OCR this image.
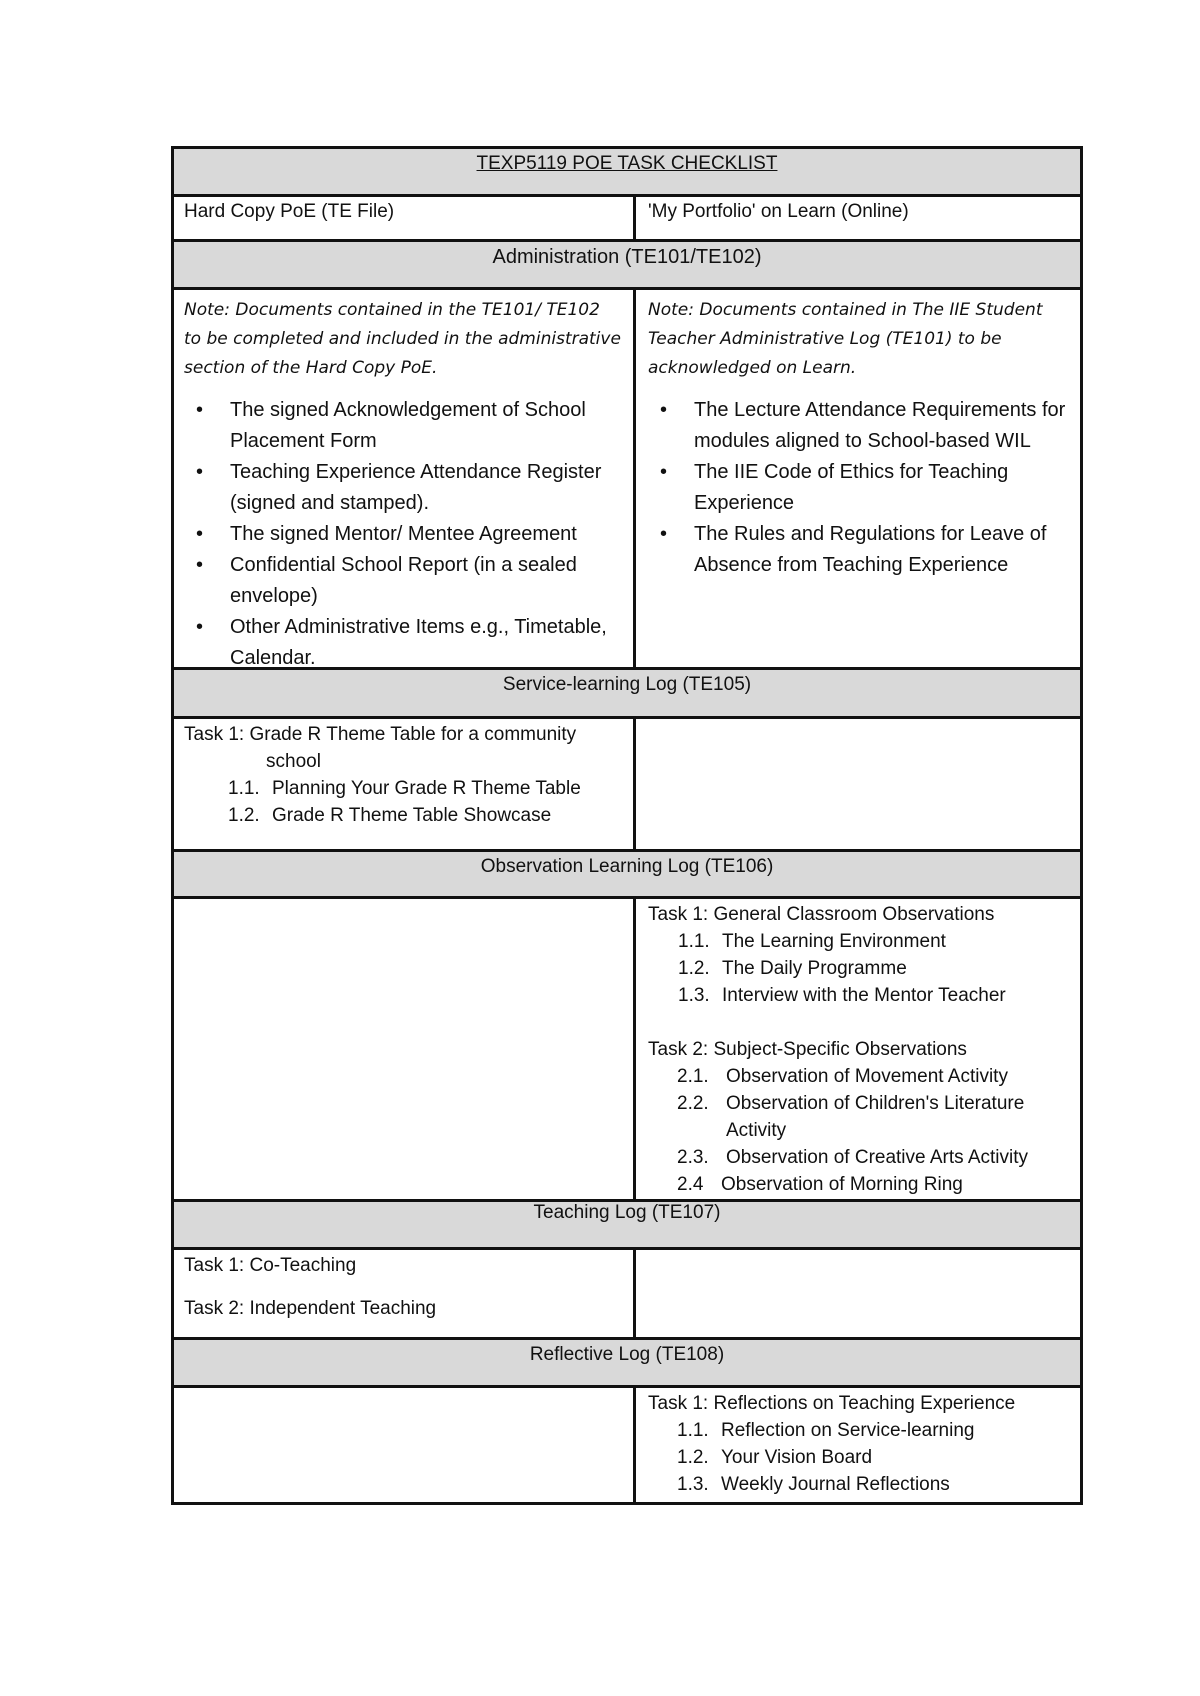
TEXP5119 POE TASK CHECKLIST
Hard Copy PoE (TE File)	'My Portfolio' on Learn (Online)
Administration (TE101/TE102)

Note: Documents contained in the TE101/ TE102 to be completed and included in the administrative section of the Hard Copy PoE.

• The signed Acknowledgement of School Placement Form
• Teaching Experience Attendance Register (signed and stamped).
• The signed Mentor/ Mentee Agreement
• Confidential School Report (in a sealed envelope)
• Other Administrative Items e.g., Timetable, Calendar.

Note: Documents contained in The IIE Student Teacher Administrative Log (TE101) to be acknowledged on Learn.

• The Lecture Attendance Requirements for modules aligned to School-based WIL
• The IIE Code of Ethics for Teaching Experience
• The Rules and Regulations for Leave of Absence from Teaching Experience
Service-learning Log (TE105)
Task 1: Grade R Theme Table for a community school
1.1. Planning Your Grade R Theme Table
1.2. Grade R Theme Table Showcase
Observation Learning Log (TE106)
Task 1: General Classroom Observations
1.1. The Learning Environment
1.2. The Daily Programme
1.3. Interview with the Mentor Teacher
Task 2: Subject-Specific Observations
2.1. Observation of Movement Activity
2.2. Observation of Children's Literature Activity
2.3. Observation of Creative Arts Activity
2.4 Observation of Morning Ring
Teaching Log (TE107)
Task 1: Co-Teaching
Task 2: Independent Teaching
Reflective Log (TE108)
Task 1: Reflections on Teaching Experience
1.1. Reflection on Service-learning
1.2. Your Vision Board
1.3. Weekly Journal Reflections
